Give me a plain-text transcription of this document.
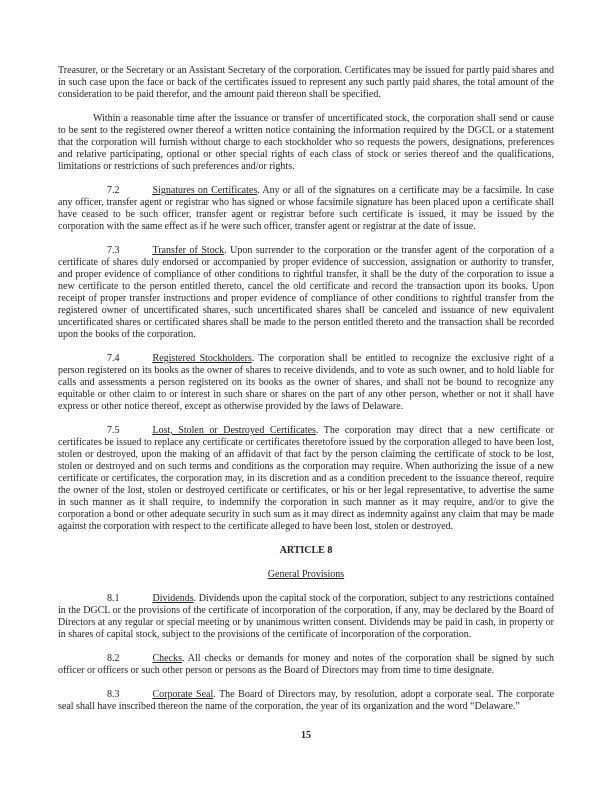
Treasurer, or the Secretary or an Assistant Secretary of the corporation. Certificates may be issued for partly paid shares and in such case upon the face or back of the certificates issued to represent any such partly paid shares, the total amount of the consideration to be paid therefor, and the amount paid thereon shall be specified.

Within a reasonable time after the issuance or transfer of uncertificated stock, the corporation shall send or cause to be sent to the registered owner thereof a written notice containing the information required by the DGCL or a statement that the corporation will furnish without charge to each stockholder who so requests the powers, designations, preferences and relative participating, optional or other special rights of each class of stock or series thereof and the qualifications, limitations or restrictions of such preferences and/or rights.

7.2	Signatures on Certificates. Any or all of the signatures on a certificate may be a facsimile. In case any officer, transfer agent or registrar who has signed or whose facsimile signature has been placed upon a certificate shall have ceased to be such officer, transfer agent or registrar before such certificate is issued, it may be issued by the corporation with the same effect as if he were such officer, transfer agent or registrar at the date of issue.

7.3	Transfer of Stock. Upon surrender to the corporation or the transfer agent of the corporation of a certificate of shares duly endorsed or accompanied by proper evidence of succession, assignation or authority to transfer, and proper evidence of compliance of other conditions to rightful transfer, it shall be the duty of the corporation to issue a new certificate to the person entitled thereto, cancel the old certificate and record the transaction upon its books. Upon receipt of proper transfer instructions and proper evidence of compliance of other conditions to rightful transfer from the registered owner of uncertificated shares, such uncertificated shares shall be canceled and issuance of new equivalent uncertificated shares or certificated shares shall be made to the person entitled thereto and the transaction shall be recorded upon the books of the corporation.

7.4	Registered Stockholders. The corporation shall be entitled to recognize the exclusive right of a person registered on its books as the owner of shares to receive dividends, and to vote as such owner, and to hold liable for calls and assessments a person registered on its books as the owner of shares, and shall not be bound to recognize any equitable or other claim to or interest in such share or shares on the part of any other person, whether or not it shall have express or other notice thereof, except as otherwise provided by the laws of Delaware.

7.5	Lost, Stolen or Destroyed Certificates. The corporation may direct that a new certificate or certificates be issued to replace any certificate or certificates theretofore issued by the corporation alleged to have been lost, stolen or destroyed, upon the making of an affidavit of that fact by the person claiming the certificate of stock to be lost, stolen or destroyed and on such terms and conditions as the corporation may require. When authorizing the issue of a new certificate or certificates, the corporation may, in its discretion and as a condition precedent to the issuance thereof, require the owner of the lost, stolen or destroyed certificate or certificates, or his or her legal representative, to advertise the same in such manner as it shall require, to indemnify the corporation in such manner as it may require, and/or to give the corporation a bond or other adequate security in such sum as it may direct as indemnity against any claim that may be made against the corporation with respect to the certificate alleged to have been lost, stolen or destroyed.

ARTICLE 8

General Provisions

8.1	Dividends. Dividends upon the capital stock of the corporation, subject to any restrictions contained in the DGCL or the provisions of the certificate of incorporation of the corporation, if any, may be declared by the Board of Directors at any regular or special meeting or by unanimous written consent. Dividends may be paid in cash, in property or in shares of capital stock, subject to the provisions of the certificate of incorporation of the corporation.

8.2	Checks. All checks or demands for money and notes of the corporation shall be signed by such officer or officers or such other person or persons as the Board of Directors may from time to time designate.

8.3	Corporate Seal. The Board of Directors may, by resolution, adopt a corporate seal. The corporate seal shall have inscribed thereon the name of the corporation, the year of its organization and the word “Delaware.”

15
